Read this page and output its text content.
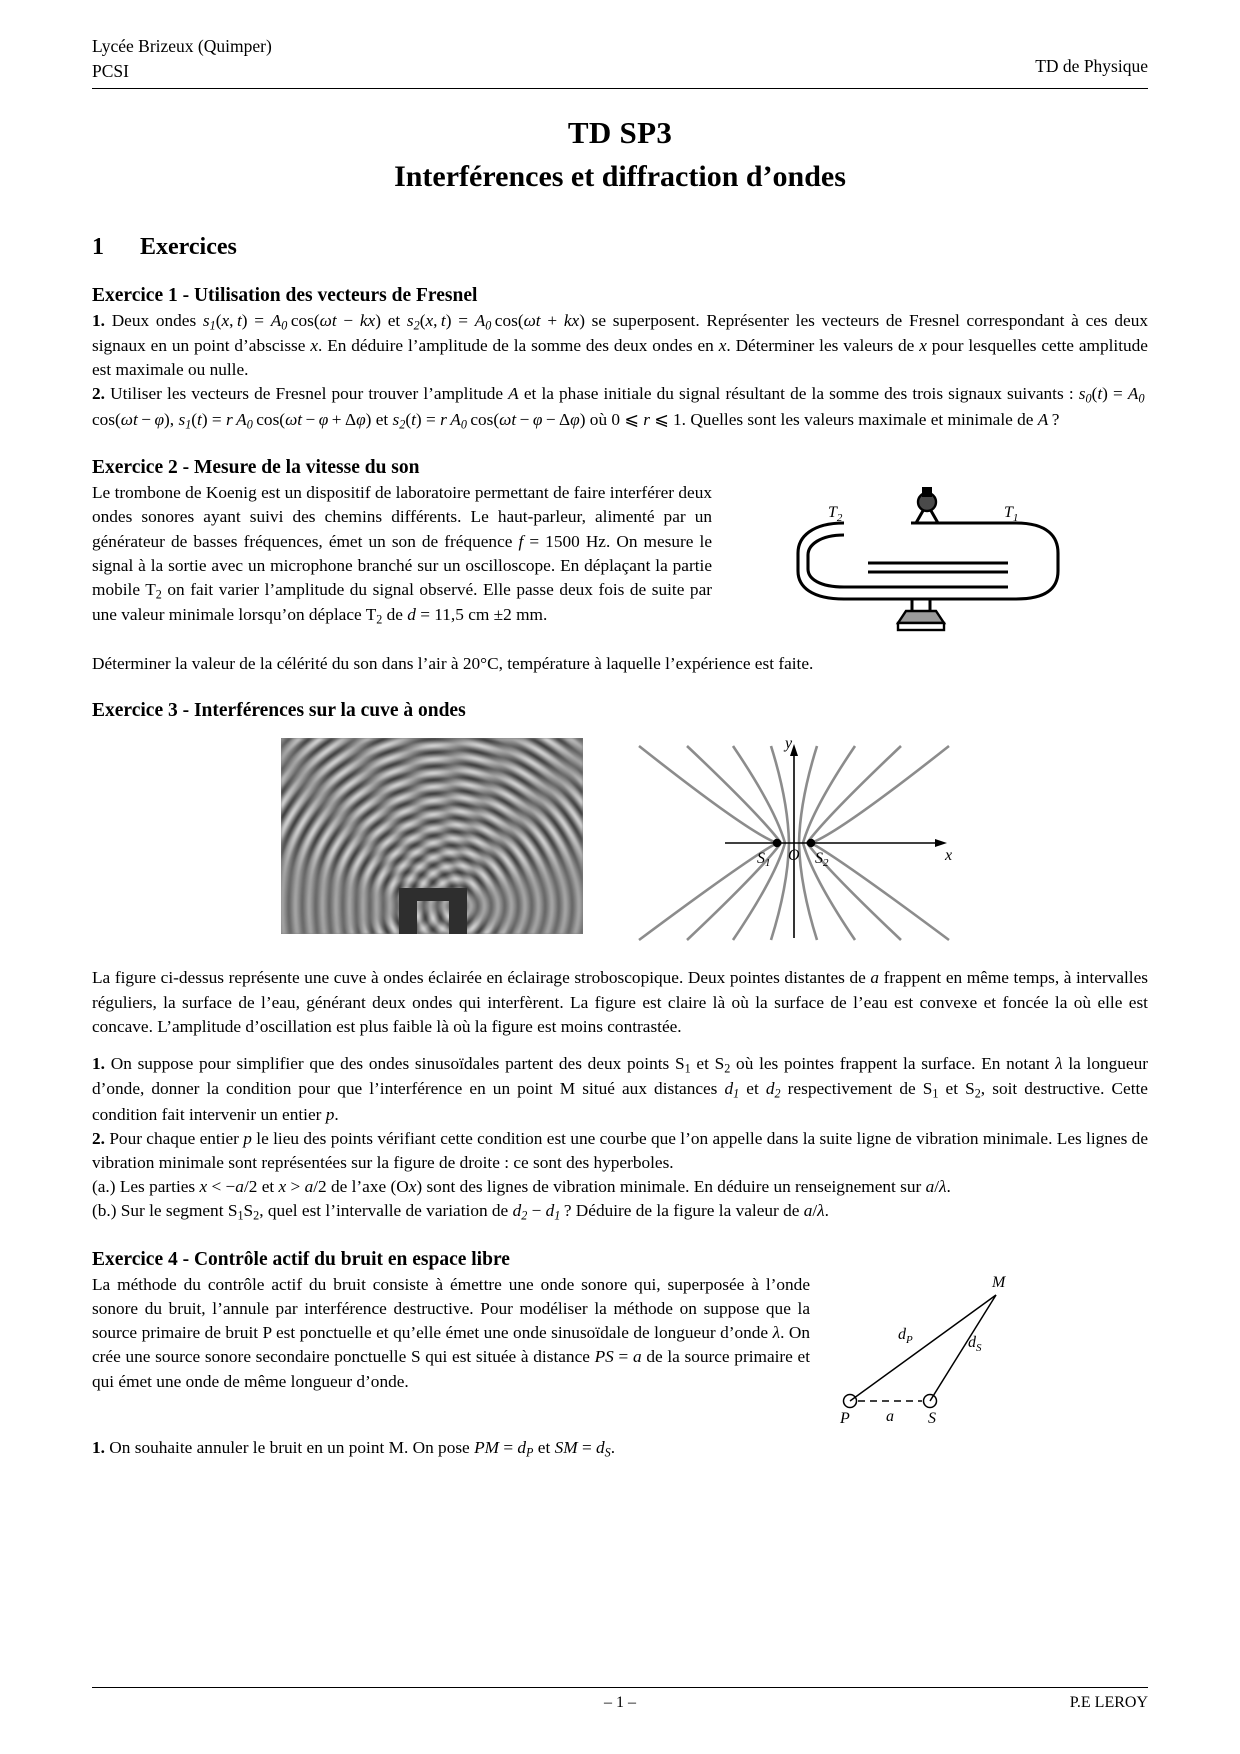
Lycée Brizeux (Quimper)
PCSI	TD de Physique
TD SP3
Interférences et diffraction d’ondes
1 Exercices
Exercice 1 - Utilisation des vecteurs de Fresnel

1. Deux ondes $s_1(x$, $t) = A_0$ cos(ωt − kx) et $s_2(x$, $t) = A_0$ cos(ωt + kx) se superposent. Représenter les vecteurs de Fresnel correspondant à ces deux signaux en un point d’abscisse x. En déduire l’amplitude de la somme des deux ondes en x. Déterminer les valeurs de x pour lesquelles cette amplitude est maximale ou nulle.

2. Utiliser les vecteurs de Fresnel pour trouver l’amplitude A et la phase initiale du signal résultant de la somme des trois signaux suivants : $s_0(t) = A_0$ cos(ωt − φ), $s_1(t) = r$ $A_0$ cos(ωt − φ + Δφ) et $s_2(t) = r$ $A_0$ cos(ωt − φ − Δφ) où 0 ⩽ r ⩽ 1. Quelles sont les valeurs maximale et minimale de A ?

Exercice 2 - Mesure de la vitesse du son

Le trombone de Koenig est un dispositif de laboratoire permettant de faire interférer deux ondes sonores ayant suivi des chemins différents. Le haut-parleur, alimenté par un générateur de basses fréquences, émet un son de fréquence f = 1500 Hz. On mesure le signal à la sortie avec un microphone branché sur un oscilloscope. En déplaçant la partie mobile $T_2$ on fait varier l’amplitude du signal observé. Elle passe deux fois de suite par une valeur minimale lorsqu’on déplace $T_2$ de d = 11,5 cm ±2 mm.

$T_2$	$T_1$

Déterminer la valeur de la célérité du son dans l’air à 20°C, température à laquelle l’expérience est faite.

Exercice 3 - Interférences sur la cuve à ondes
y
x
O
S1	S2

La figure ci-dessus représente une cuve à ondes éclairée en éclairage stroboscopique. Deux pointes distantes de a frappent en même temps, à intervalles réguliers, la surface de l’eau, générant deux ondes qui interfèrent. La figure est claire là où la surface de l’eau est convexe et foncée la où elle est concave. L’amplitude d’oscillation est plus faible là où la figure est moins contrastée.

1. On suppose pour simplifier que des ondes sinusoïdales partent des deux points $S_1$ et $S_2$ où les pointes frappent la surface. En notant λ la longueur d’onde, donner la condition pour que l’interférence en un point M situé aux distances $d_1$ et $d_2$ respectivement de $S_1$ et $S_2$, soit destructive. Cette condition fait intervenir un entier p.

2. Pour chaque entier p le lieu des points vérifiant cette condition est une courbe que l’on appelle dans la suite ligne de vibration minimale. Les lignes de vibration minimale sont représentées sur la figure de droite : ce sont des hyperboles.

(a.) Les parties x < −a/2 et x > a/2 de l’axe (Ox) sont des lignes de vibration minimale. En déduire un renseignement sur a/λ.

(b.) Sur le segment $S_1S_2$, quel est l’intervalle de variation de $d_2 - d_1$ ? Déduire de la figure la valeur de a/λ.

Exercice 4 - Contrôle actif du bruit en espace libre

La méthode du contrôle actif du bruit consiste à émettre une onde sonore qui, superposée à l’onde sonore du bruit, l’annule par interférence destructive. Pour modéliser la méthode on suppose que la source primaire de bruit P est ponctuelle et qu’elle émet une onde sinusoïdale de longueur d’onde λ. On crée une source sonore secondaire ponctuelle S qui est située à distance PS = a de la source primaire et qui émet une onde de même longueur d’onde.

M
P	S
a
$d_P$	$d_S$

1. On souhaite annuler le bruit en un point M. On pose PM = $d_P$ et SM = $d_S$.

P.E LEROY
– 1 –
